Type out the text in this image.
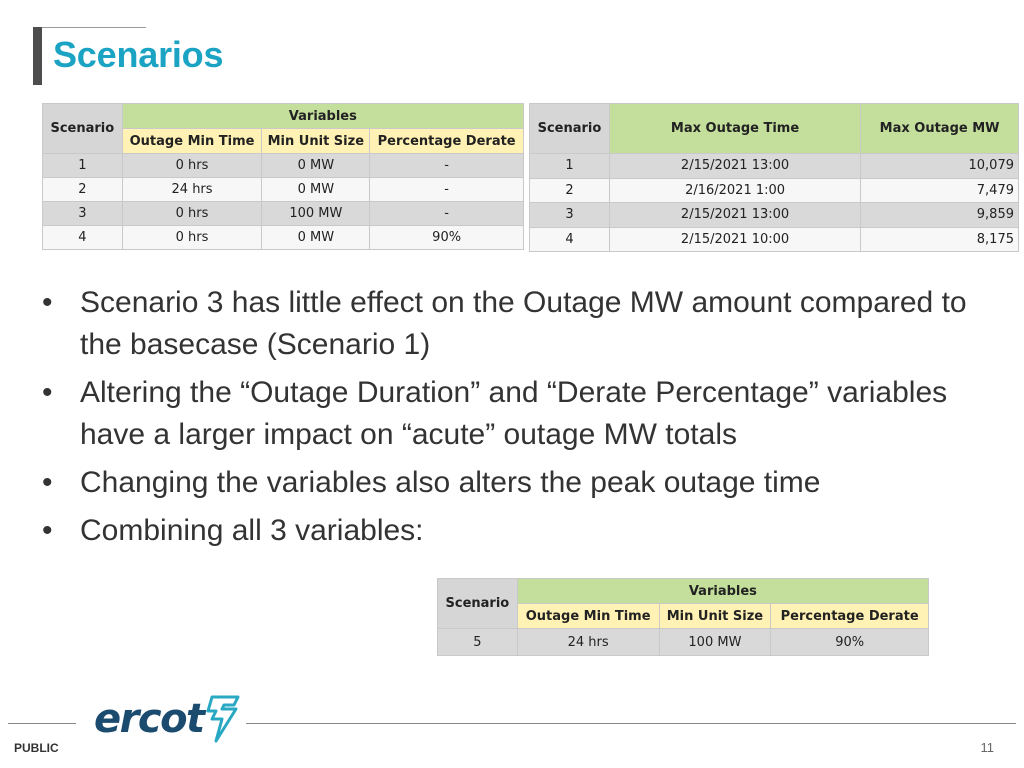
Scenarios
Scenario	Variables		
	Outage Min Time	Min Unit Size	Percentage Derate
1	0 hrs	0 MW	-
2	24 hrs	0 MW	-
3	0 hrs	100 MW	-
4	0 hrs	0 MW	90%
Scenario	Max Outage Time	Max Outage MW
1	2/15/2021 13:00	10,079
2	2/16/2021 1:00	7,479
3	2/15/2021 13:00	9,859
4	2/15/2021 10:00	8,175
• Scenario 3 has little effect on the Outage MW amount compared to the basecase (Scenario 1)
• Altering the “Outage Duration” and “Derate Percentage” variables have a larger impact on “acute” outage MW totals
• Changing the variables also alters the peak outage time
• Combining all 3 variables:
Scenario	Variables		
	Outage Min Time	Min Unit Size	Percentage Derate
5	24 hrs	100 MW	90%
PUBLIC
ercot
11
